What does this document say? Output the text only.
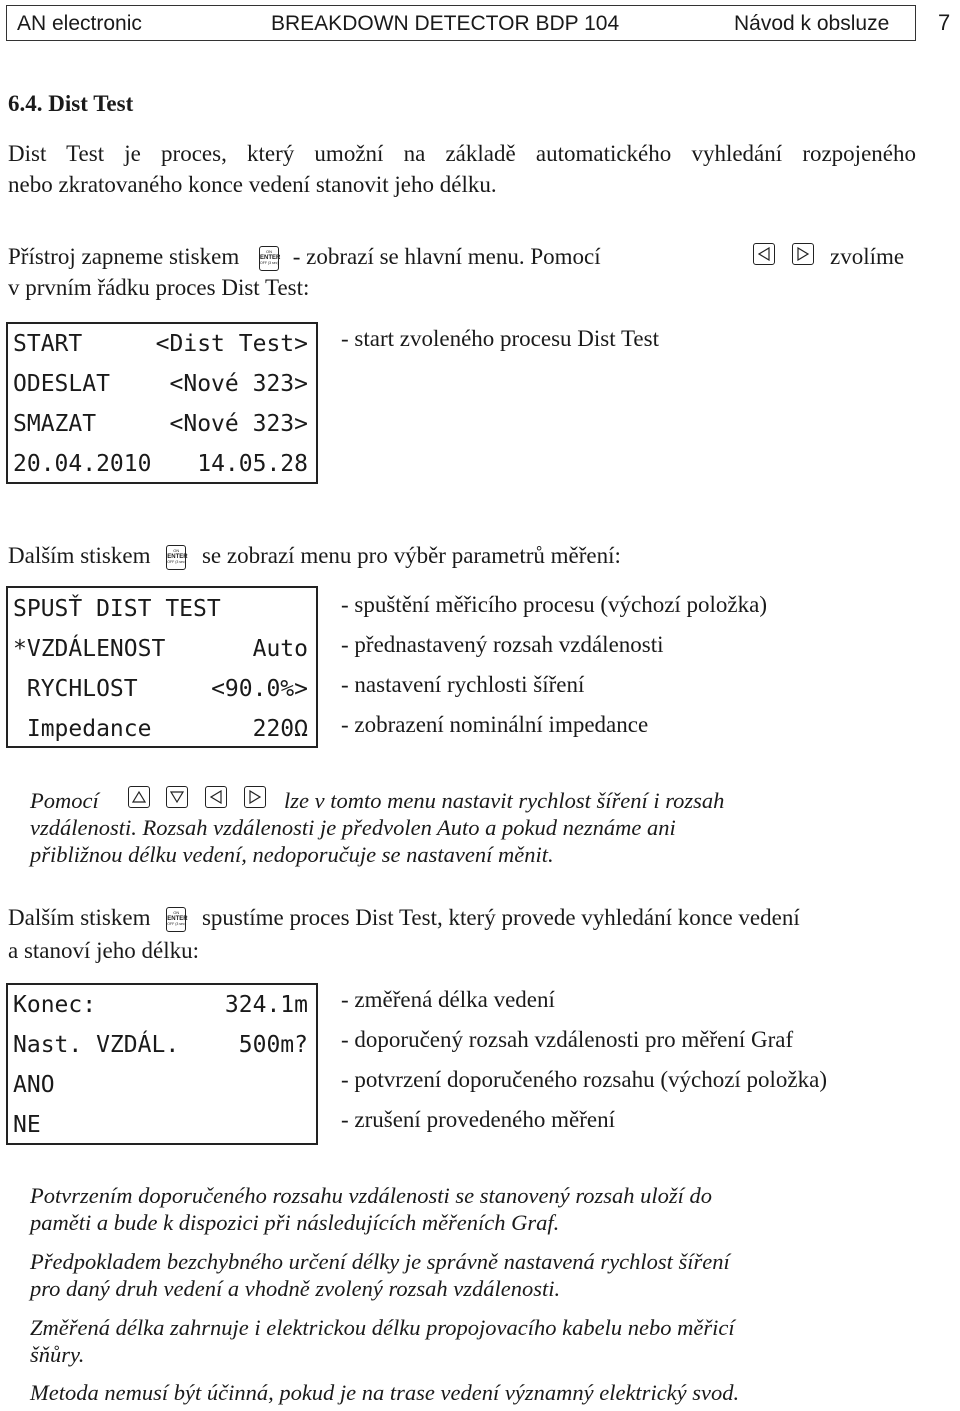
AN electronic	BREAKDOWN DETECTOR BDP 104	Návod k obsluze 7
6.4. Dist Test
Dist Test je proces, který umožní na základě automatického vyhledání rozpojeného
nebo zkratovaného konce vedení stanovit jeho délku.
Přístroj zapneme stiskem	ON
ENTER
OFF (3 sec) - zobrazí se hlavní menu. Pomocí	zvolíme
v prvním řádku proces Dist Test:
START	<Dist Test>
ODESLAT	<Nové 323>
SMAZAT	<Nové 323>
20.04.2010 14.05.28
- start zvoleného procesu Dist Test
Dalším stiskem	ON
ENTER
OFF (3 sec) se zobrazí menu pro výběr parametrů měření:
SPUSŤ DIST TEST
*VZDÁLENOST	Auto
RYCHLOST	<90.0%>
Impedance	220Ω
- spuštění měřicího procesu (výchozí položka)
- přednastavený rozsah vzdálenosti
- nastavení rychlosti šíření
- zobrazení nominální impedance
Pomocí	lze v tomto menu nastavit rychlost šíření i rozsah
vzdálenosti. Rozsah vzdálenosti je předvolen Auto a pokud neznáme ani
přibližnou délku vedení, nedoporučuje se nastavení měnit.
Dalším stiskem	ON
ENTER
OFF (3 sec) spustíme proces Dist Test, který provede vyhledání konce vedení
a stanoví jeho délku:
Konec:	324.1m
Nast. VZDÁL.	500m?
ANO
NE
- změřená délka vedení
- doporučený rozsah vzdálenosti pro měření Graf
- potvrzení doporučeného rozsahu (výchozí položka)
- zrušení provedeného měření
Potvrzením doporučeného rozsahu vzdálenosti se stanovený rozsah uloží do
paměti a bude k dispozici při následujících měřeních Graf.
Předpokladem bezchybného určení délky je správně nastavená rychlost šíření
pro daný druh vedení a vhodně zvolený rozsah vzdálenosti.
Změřená délka zahrnuje i elektrickou délku propojovacího kabelu nebo měřicí
šňůry.
Metoda nemusí být účinná, pokud je na trase vedení významný elektrický svod.
